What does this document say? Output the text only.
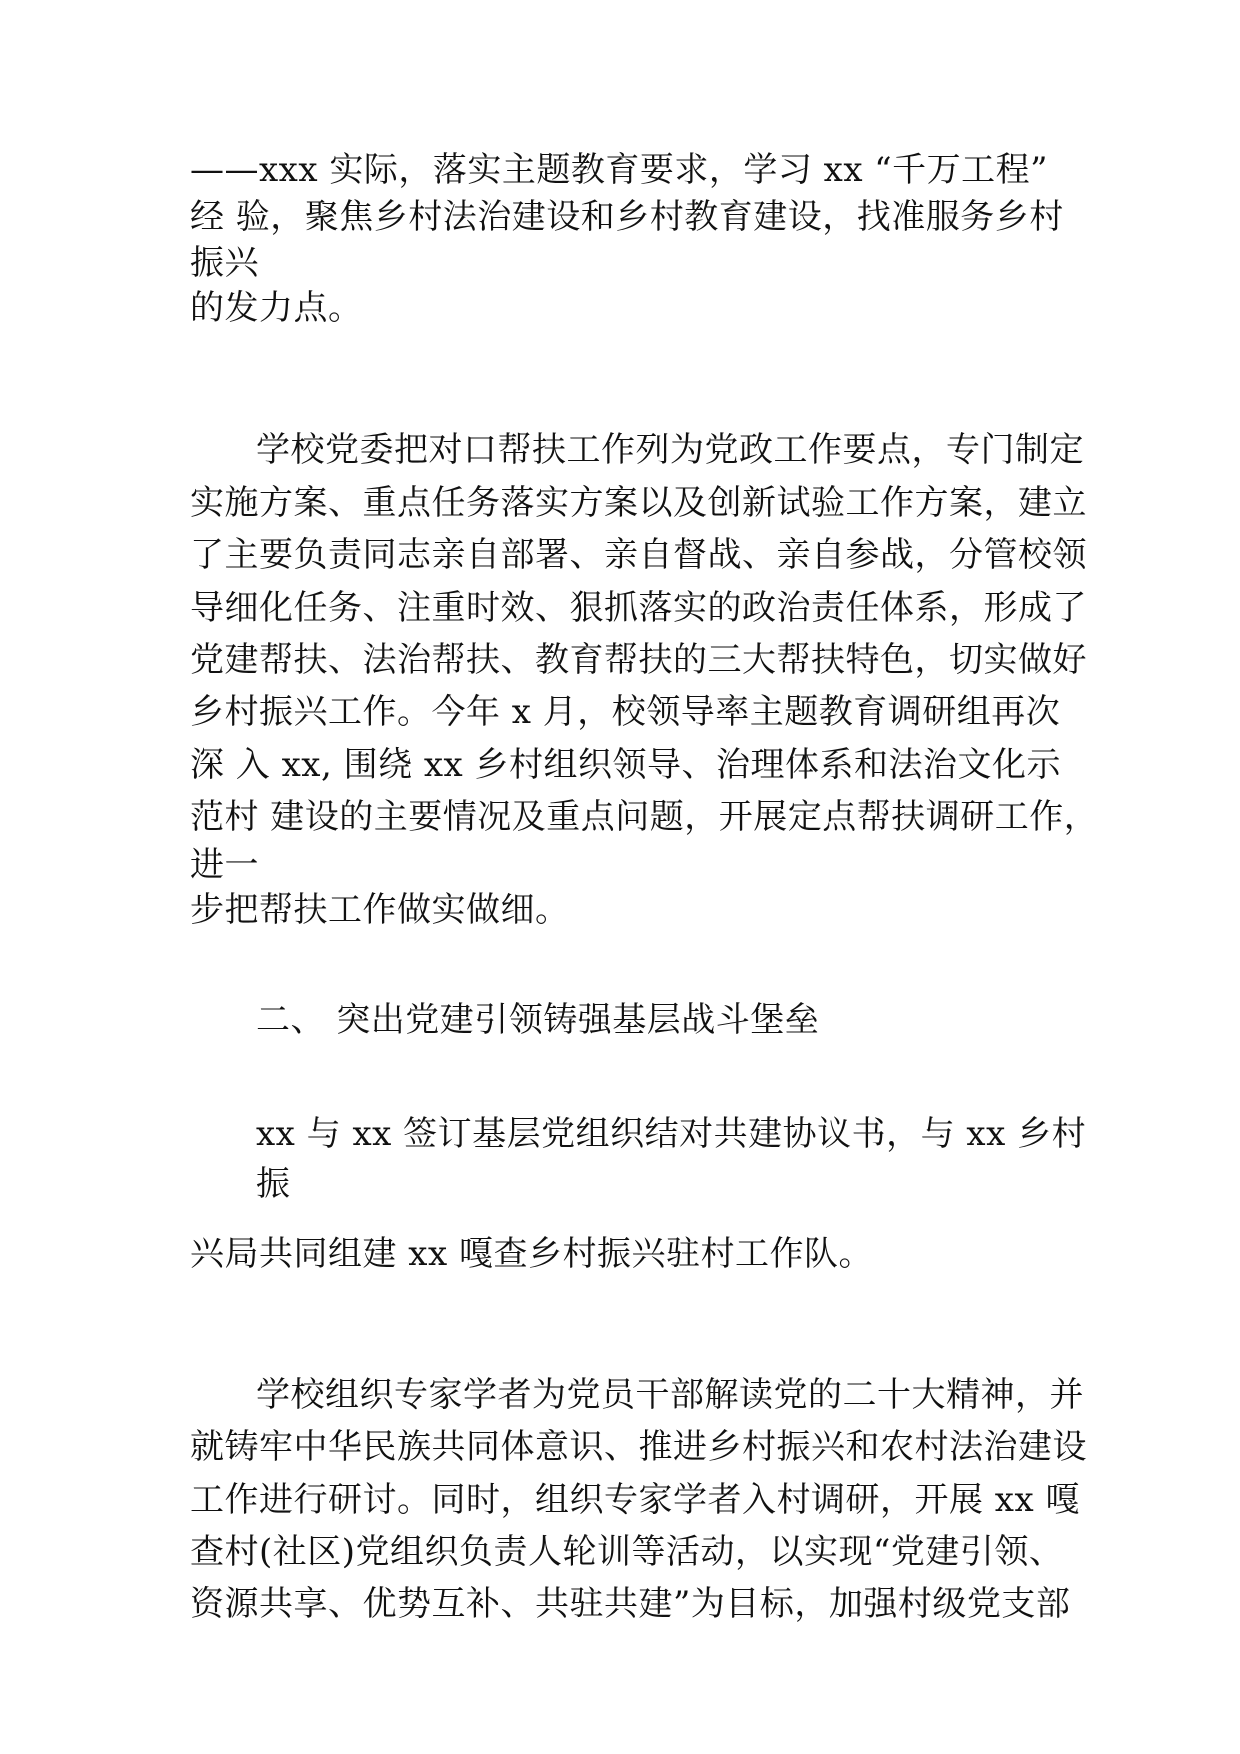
——xxx 实际，落实主题教育要求，学习 xx “千万工程”
经 验，聚焦乡村法治建设和乡村教育建设，找准服务乡村
振兴
的发力点。
学校党委把对口帮扶工作列为党政工作要点，专门制定
实施方案、重点任务落实方案以及创新试验工作方案，建立
了主要负责同志亲自部署、亲自督战、亲自参战，分管校领
导细化任务、注重时效、狠抓落实的政治责任体系，形成了
党建帮扶、法治帮扶、教育帮扶的三大帮扶特色，切实做好
乡村振兴工作。今年 x 月，校领导率主题教育调研组再次
深 入 xx, 围绕 xx 乡村组织领导、治理体系和法治文化示
范村 建设的主要情况及重点问题，开展定点帮扶调研工作，
进一
步把帮扶工作做实做细。
二、 突出党建引领铸强基层战斗堡垒
xx 与 xx 签订基层党组织结对共建协议书，与 xx 乡村
振
兴局共同组建 xx 嘎查乡村振兴驻村工作队。
学校组织专家学者为党员干部解读党的二十大精神，并
就铸牢中华民族共同体意识、推进乡村振兴和农村法治建设
工作进行研讨。同时，组织专家学者入村调研，开展 xx 嘎
查村(社区)党组织负责人轮训等活动，以实现“党建引领、
资源共享、优势互补、共驻共建”为目标，加强村级党支部
